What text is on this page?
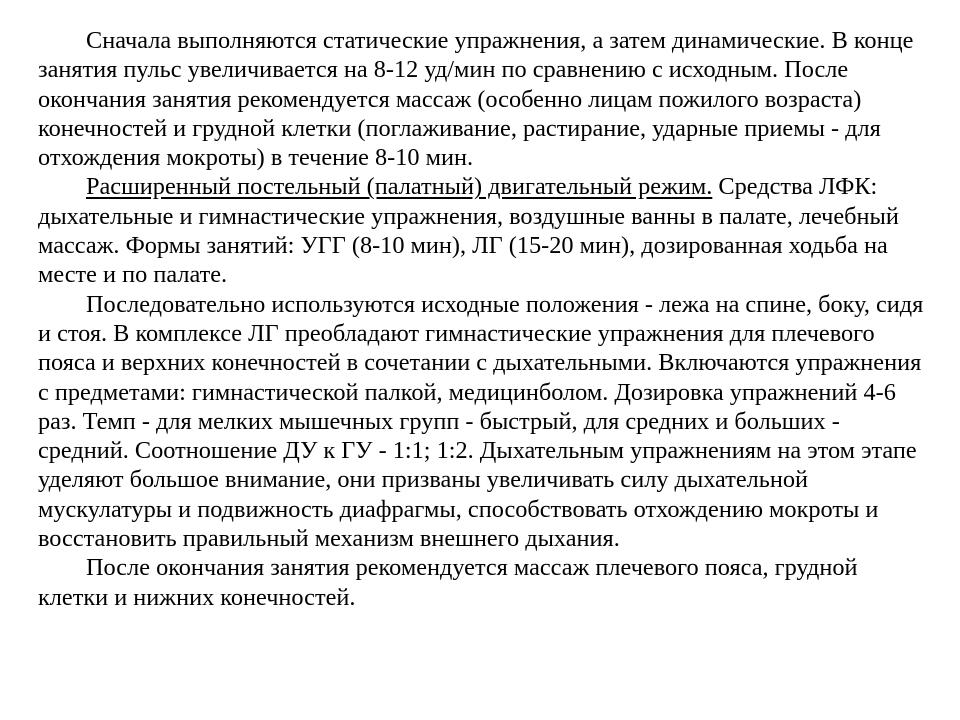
Сначала выполняются статические упражнения, а затем динамические. В конце занятия пульс увеличивается на 8-12 уд/мин по сравнению с исходным. После окончания занятия рекомендуется массаж (особенно лицам пожилого возраста) конечностей и грудной клетки (поглаживание, растирание, ударные приемы - для отхождения мокроты) в течение 8-10 мин.

Расширенный постельный (палатный) двигательный режим. Средства ЛФК: дыхательные и гимнастические упражнения, воздушные ванны в палате, лечебный массаж. Формы занятий: УГГ (8-10 мин), ЛГ (15-20 мин), дозированная ходьба на месте и по палате.

Последовательно используются исходные положения - лежа на спине, боку, сидя и стоя. В комплексе ЛГ преобладают гимнастические упражнения для плечевого пояса и верхних конечностей в сочетании с дыхательными. Включаются упражнения с предметами: гимнастической палкой, медицинболом. Дозировка упражнений 4-6 раз. Темп - для мелких мышечных групп - быстрый, для средних и больших - средний. Соотношение ДУ к ГУ - 1:1; 1:2. Дыхательным упражнениям на этом этапе уделяют большое внимание, они призваны увеличивать силу дыхательной мускулатуры и подвижность диафрагмы, способствовать отхождению мокроты и восстановить правильный механизм внешнего дыхания.

После окончания занятия рекомендуется массаж плечевого пояса, грудной клетки и нижних конечностей.
